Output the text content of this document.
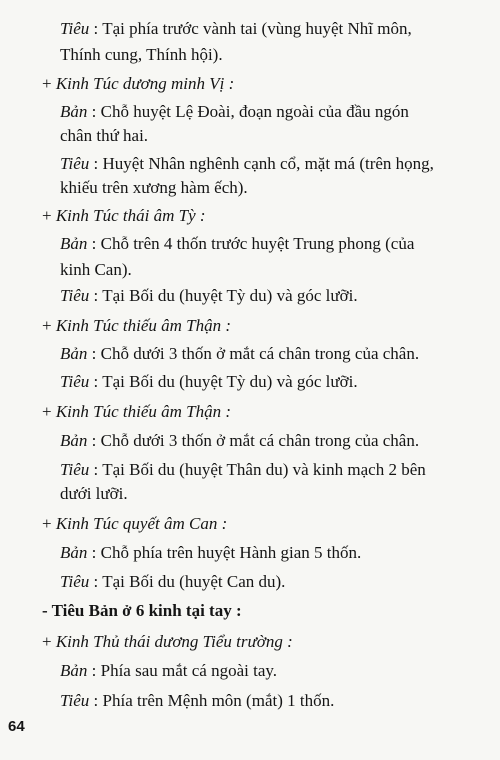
Tiêu : Tại phía trước vành tai (vùng huyệt Nhĩ môn,
Thính cung, Thính hội).
+ Kinh Túc dương minh Vị :
Bản : Chỗ huyệt Lệ Đoài, đoạn ngoài của đầu ngón
chân thứ hai.
Tiêu : Huyệt Nhân nghênh cạnh cổ, mặt má (trên họng,
khiếu trên xương hàm ếch).
+ Kinh Túc thái âm Tỳ :
Bản : Chỗ trên 4 thốn trước huyệt Trung phong (của
kinh Can).
Tiêu : Tại Bối du (huyệt Tỳ du) và góc lưỡi.
+ Kinh Túc thiếu âm Thận :
Bản : Chỗ dưới 3 thốn ở mắt cá chân trong của chân.
Tiêu : Tại Bối du (huyệt Tỳ du) và góc lưỡi.
+ Kinh Túc thiếu âm Thận :
Bản : Chỗ dưới 3 thốn ở mắt cá chân trong của chân.
Tiêu : Tại Bối du (huyệt Thân du) và kinh mạch 2 bên
dưới lưỡi.
+ Kinh Túc quyết âm Can :
Bản : Chỗ phía trên huyệt Hành gian 5 thốn.
Tiêu : Tại Bối du (huyệt Can du).
- Tiêu Bản ở 6 kinh tại tay :
+ Kinh Thủ thái dương Tiểu trường :
Bản : Phía sau mắt cá ngoài tay.
Tiêu : Phía trên Mệnh môn (mắt) 1 thốn.
64
